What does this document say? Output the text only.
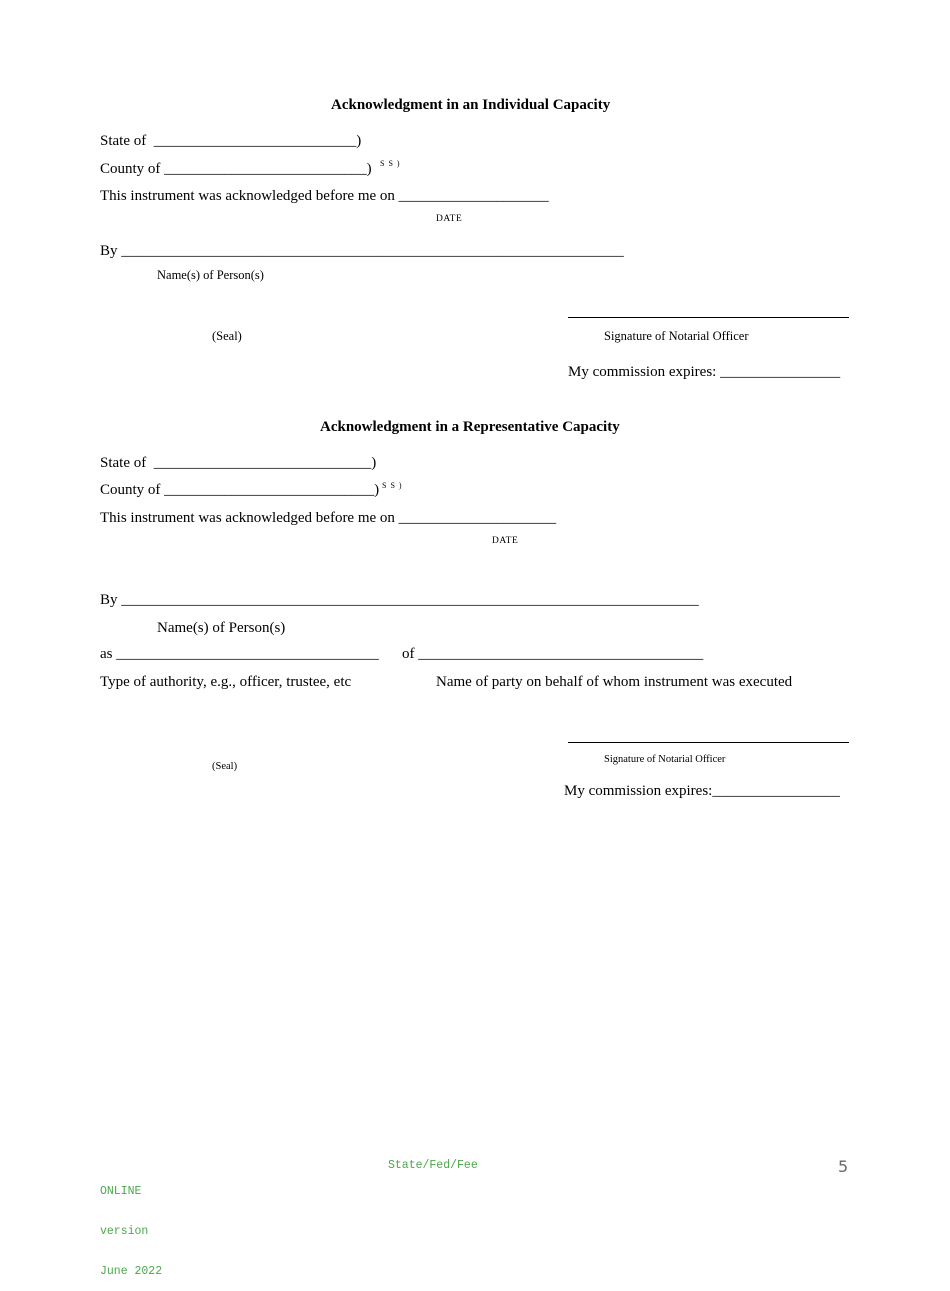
Acknowledgment in an Individual Capacity
State of  ___________________________)
County of ___________________________) S S )
This instrument was acknowledged before me on ____________________
DATE
By ___________________________________________________________________
Name(s) of Person(s)
(Seal)	Signature of Notarial Officer
My commission expires: ________________
Acknowledgment in a Representative Capacity
State of  _____________________________)
County of ____________________________) S S )
This instrument was acknowledged before me on _____________________
DATE
By _____________________________________________________________________________
Name(s) of Person(s)
as ___________________________________ of ______________________________________
Type of authority, e.g., officer, trustee, etc	Name of party on behalf of whom instrument was executed
Signature of Notarial Officer
(Seal)
My commission expires:_________________

ONLINE

version

June 2022

State/Fed/Fee	5
